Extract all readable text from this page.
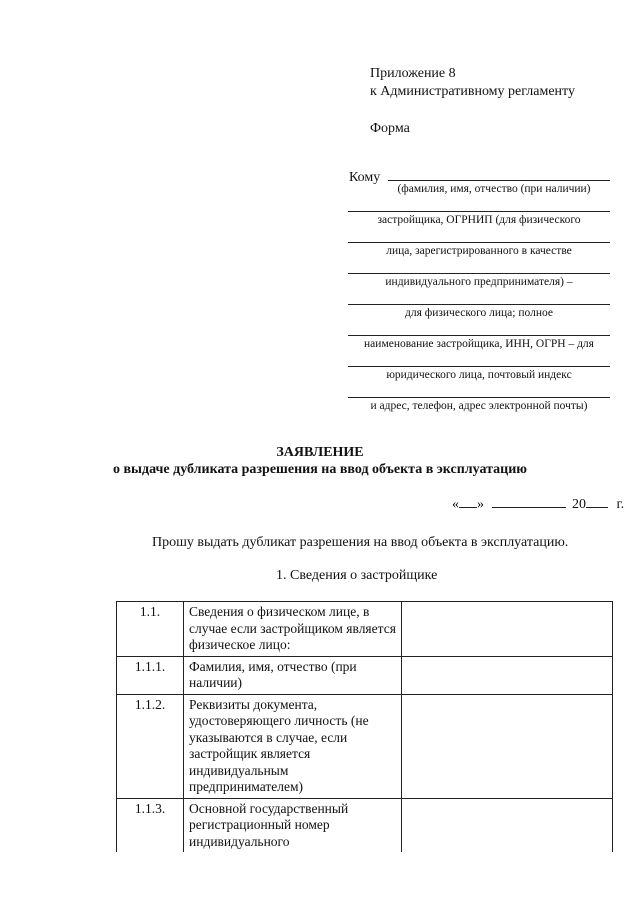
Приложение 8
к Административному регламенту
Форма
Кому
(фамилия, имя, отчество (при наличии)
застройщика, ОГРНИП (для физического
лица, зарегистрированного в качестве
индивидуального предпринимателя) –
для физического лица; полное
наименование застройщика, ИНН, ОГРН – для
юридического лица, почтовый индекс
и адрес, телефон, адрес электронной почты)
ЗАЯВЛЕНИЕ
о выдаче дубликата разрешения на ввод объекта в эксплуатацию
« »	20 г.
Прошу выдать дубликат разрешения на ввод объекта в эксплуатацию.
1. Сведения о застройщике
1.1.	Сведения о физическом лице, в случае если застройщиком является физическое лицо:	
1.1.1.	Фамилия, имя, отчество (при наличии)	
1.1.2.	Реквизиты документа, удостоверяющего личность (не указываются в случае, если застройщик является индивидуальным предпринимателем)	
1.1.3.	Основной государственный регистрационный номер индивидуального	
